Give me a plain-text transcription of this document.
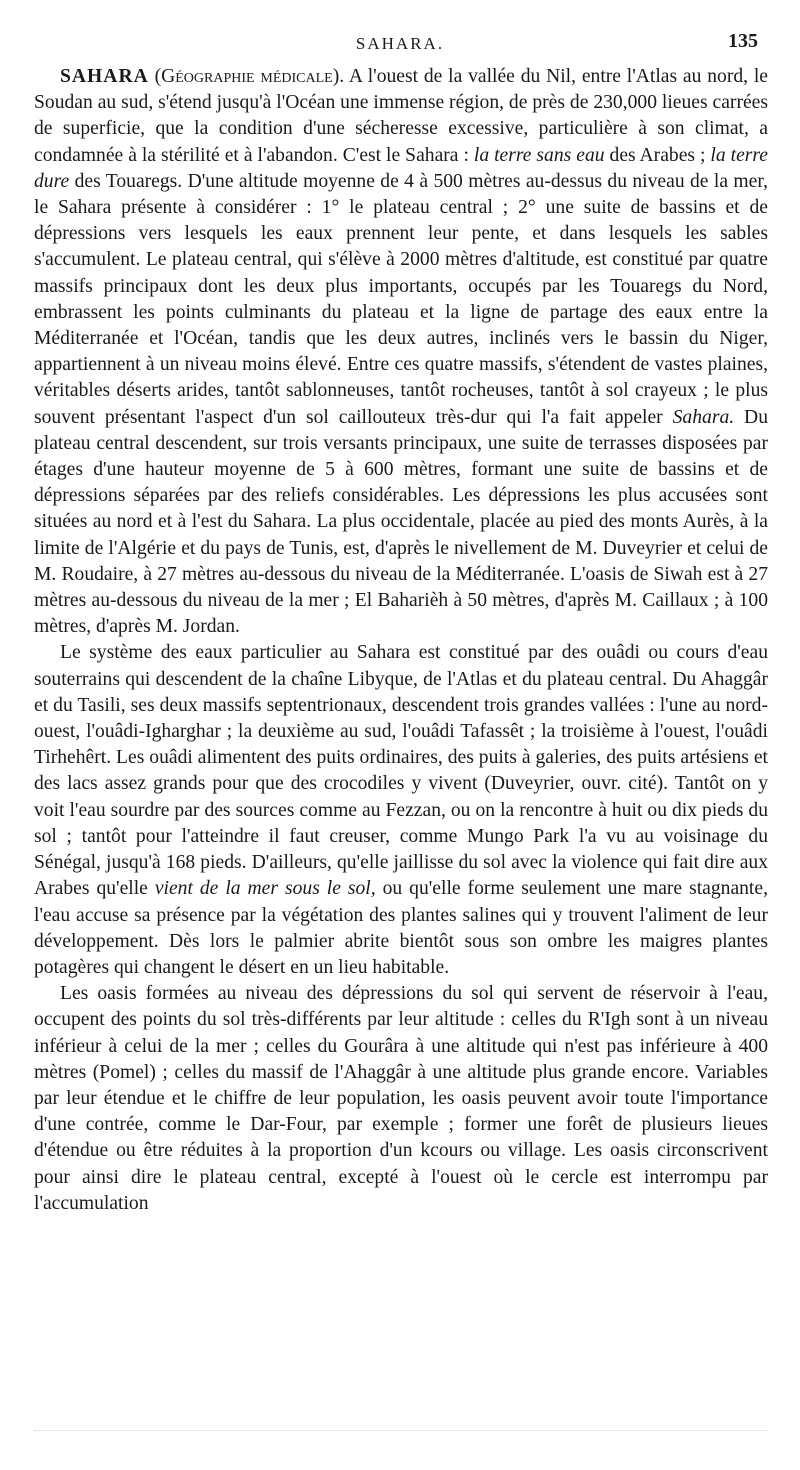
SAHARA.	135

SAHARA (Géographie médicale). A l'ouest de la vallée du Nil, entre l'Atlas au nord, le Soudan au sud, s'étend jusqu'à l'Océan une immense région, de près de 230,000 lieues carrées de superficie, que la condition d'une sécheresse excessive, particulière à son climat, a condamnée à la stérilité et à l'abandon. C'est le Sahara : la terre sans eau des Arabes ; la terre dure des Touaregs. D'une altitude moyenne de 4 à 500 mètres au-dessus du niveau de la mer, le Sahara présente à considérer : 1° le plateau central ; 2° une suite de bassins et de dépressions vers lesquels les eaux prennent leur pente, et dans lesquels les sables s'accumulent. Le plateau central, qui s'élève à 2000 mètres d'altitude, est constitué par quatre massifs principaux dont les deux plus importants, occupés par les Touaregs du Nord, embrassent les points culminants du plateau et la ligne de partage des eaux entre la Méditerranée et l'Océan, tandis que les deux autres, inclinés vers le bassin du Niger, appartiennent à un niveau moins élevé. Entre ces quatre massifs, s'étendent de vastes plaines, véritables déserts arides, tantôt sablonneuses, tantôt rocheuses, tantôt à sol crayeux ; le plus souvent présentant l'aspect d'un sol caillouteux très-dur qui l'a fait appeler Sahara. Du plateau central descendent, sur trois versants principaux, une suite de terrasses disposées par étages d'une hauteur moyenne de 5 à 600 mètres, formant une suite de bassins et de dépressions séparées par des reliefs considérables. Les dépressions les plus accusées sont situées au nord et à l'est du Sahara. La plus occidentale, placée au pied des monts Aurès, à la limite de l'Algérie et du pays de Tunis, est, d'après le nivellement de M. Duveyrier et celui de M. Roudaire, à 27 mètres au-dessous du niveau de la Méditerranée. L'oasis de Siwah est à 27 mètres au-dessous du niveau de la mer ; El Baharièh à 50 mètres, d'après M. Caillaux ; à 100 mètres, d'après M. Jordan.

Le système des eaux particulier au Sahara est constitué par des ouâdi ou cours d'eau souterrains qui descendent de la chaîne Libyque, de l'Atlas et du plateau central. Du Ahaggâr et du Tasili, ses deux massifs septentrionaux, descendent trois grandes vallées : l'une au nord-ouest, l'ouâdi-Igharghar ; la deuxième au sud, l'ouâdi Tafassêt ; la troisième à l'ouest, l'ouâdi Tirhehêrt. Les ouâdi alimentent des puits ordinaires, des puits à galeries, des puits artésiens et des lacs assez grands pour que des crocodiles y vivent (Duveyrier, ouvr. cité). Tantôt on y voit l'eau sourdre par des sources comme au Fezzan, ou on la rencontre à huit ou dix pieds du sol ; tantôt pour l'atteindre il faut creuser, comme Mungo Park l'a vu au voisinage du Sénégal, jusqu'à 168 pieds. D'ailleurs, qu'elle jaillisse du sol avec la violence qui fait dire aux Arabes qu'elle vient de la mer sous le sol, ou qu'elle forme seulement une mare stagnante, l'eau accuse sa présence par la végétation des plantes salines qui y trouvent l'aliment de leur développement. Dès lors le palmier abrite bientôt sous son ombre les maigres plantes potagères qui changent le désert en un lieu habitable.

Les oasis formées au niveau des dépressions du sol qui servent de réservoir à l'eau, occupent des points du sol très-différents par leur altitude : celles du R'Igh sont à un niveau inférieur à celui de la mer ; celles du Gourâra à une altitude qui n'est pas inférieure à 400 mètres (Pomel) ; celles du massif de l'Ahaggâr à une altitude plus grande encore. Variables par leur étendue et le chiffre de leur population, les oasis peuvent avoir toute l'importance d'une contrée, comme le Dar-Four, par exemple ; former une forêt de plusieurs lieues d'étendue ou être réduites à la proportion d'un kcours ou village. Les oasis circonscrivent pour ainsi dire le plateau central, excepté à l'ouest où le cercle est interrompu par l'accumulation
